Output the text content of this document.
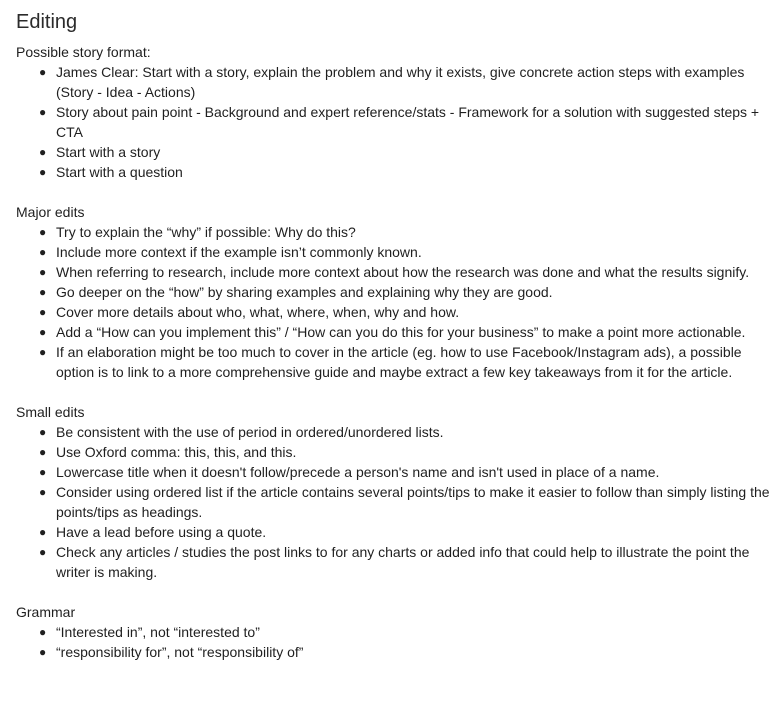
Editing
Possible story format:
● James Clear: Start with a story, explain the problem and why it exists, give concrete action steps with examples (Story - Idea - Actions)
● Story about pain point - Background and expert reference/stats - Framework for a solution with suggested steps + CTA
● Start with a story
● Start with a question
Major edits
● Try to explain the “why” if possible: Why do this?
● Include more context if the example isn’t commonly known.
● When referring to research, include more context about how the research was done and what the results signify.
● Go deeper on the “how” by sharing examples and explaining why they are good.
● Cover more details about who, what, where, when, why and how.
● Add a “How can you implement this” / “How can you do this for your business” to make a point more actionable.
● If an elaboration might be too much to cover in the article (eg. how to use Facebook/Instagram ads), a possible option is to link to a more comprehensive guide and maybe extract a few key takeaways from it for the article.
Small edits
● Be consistent with the use of period in ordered/unordered lists.
● Use Oxford comma: this, this, and this.
● Lowercase title when it doesn't follow/precede a person's name and isn't used in place of a name.
● Consider using ordered list if the article contains several points/tips to make it easier to follow than simply listing the points/tips as headings.
● Have a lead before using a quote.
● Check any articles / studies the post links to for any charts or added info that could help to illustrate the point the writer is making.
Grammar
● “Interested in”, not “interested to”
● “responsibility for”, not “responsibility of”
